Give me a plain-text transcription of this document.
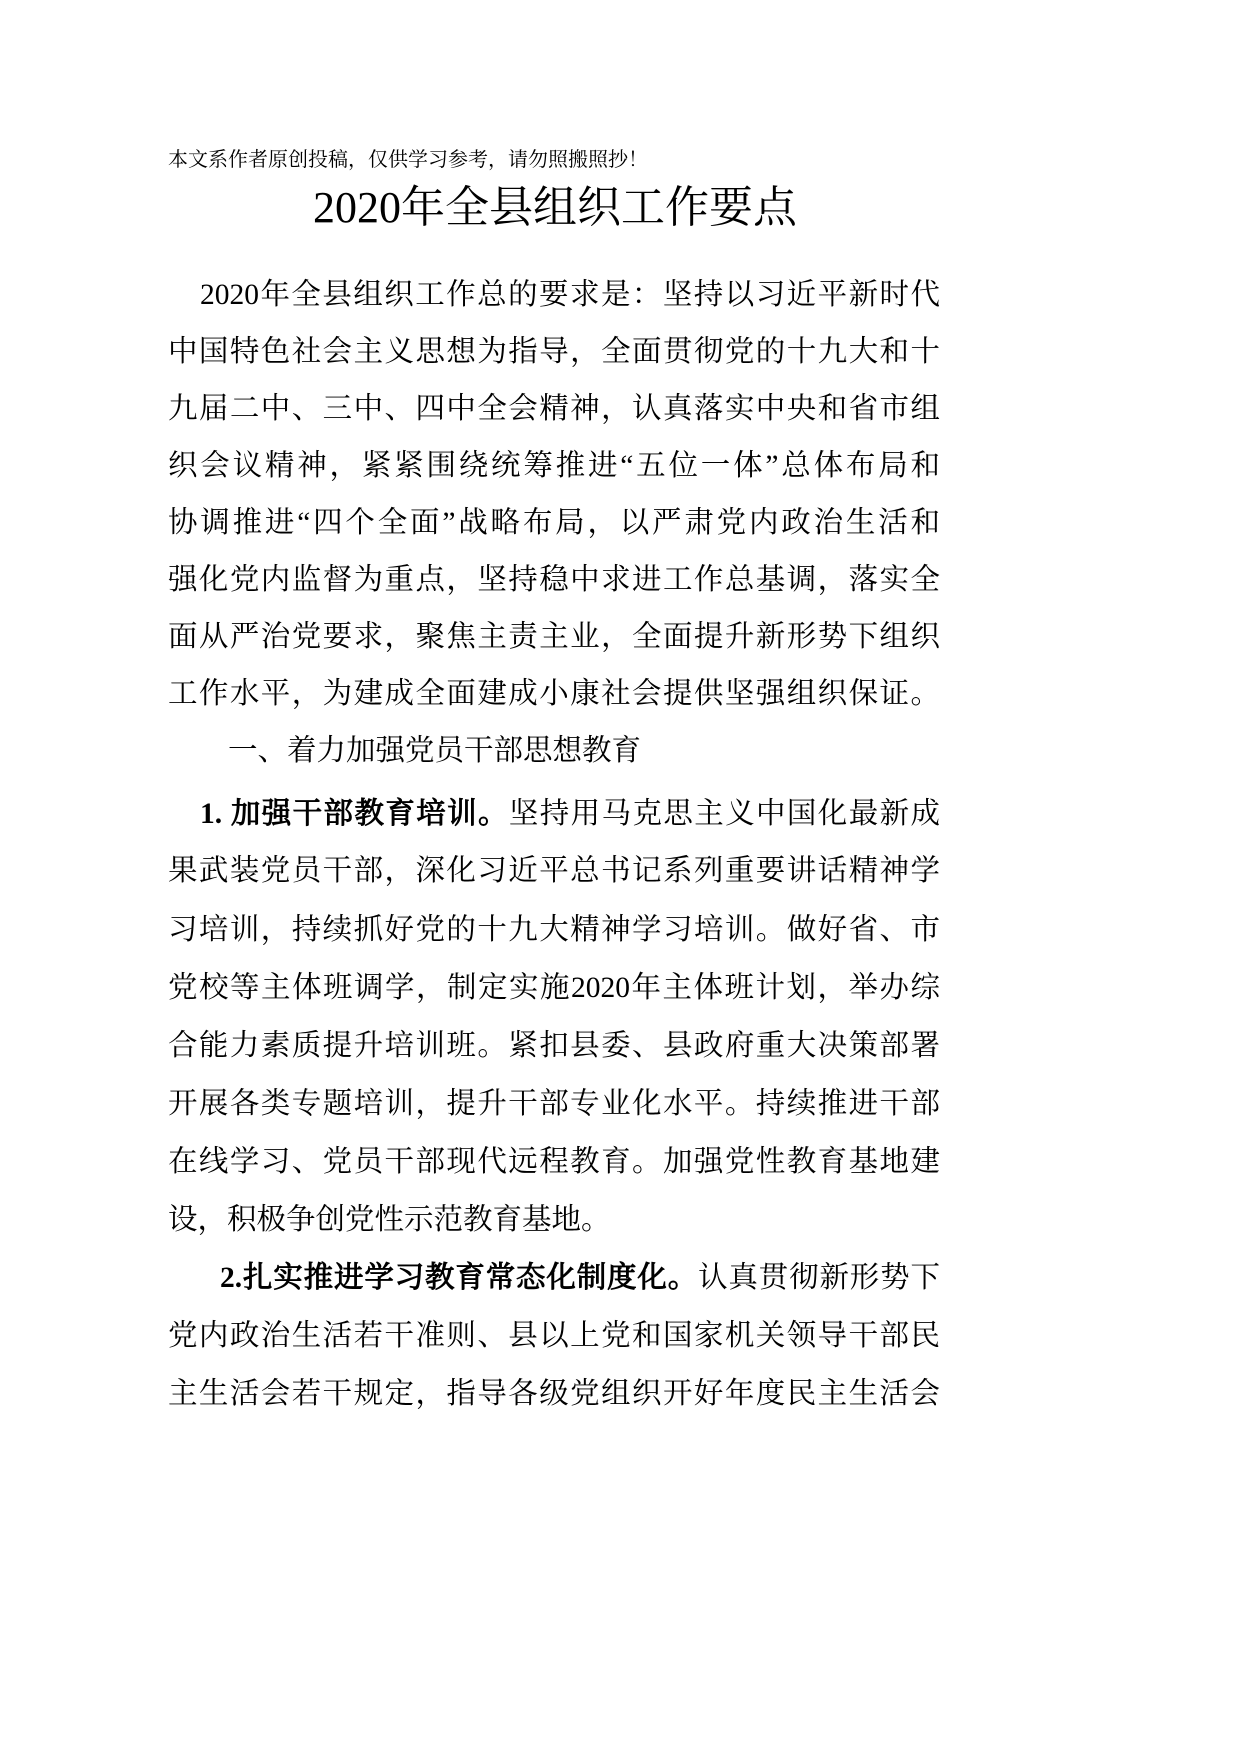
本文系作者原创投稿，仅供学习参考，请勿照搬照抄！
2020年全县组织工作要点
2020年全县组织工作总的要求是：坚持以习近平新时代
中国特色社会主义思想为指导，全面贯彻党的十九大和十
九届二中、三中、四中全会精神，认真落实中央和省市组
织会议精神，紧紧围绕统筹推进“五位一体”总体布局和
协调推进“四个全面”战略布局，以严肃党内政治生活和
强化党内监督为重点，坚持稳中求进工作总基调，落实全
面从严治党要求，聚焦主责主业，全面提升新形势下组织
工作水平，为建成全面建成小康社会提供坚强组织保证。
一、着力加强党员干部思想教育
1. 加强干部教育培训。坚持用马克思主义中国化最新成
果武装党员干部，深化习近平总书记系列重要讲话精神学
习培训，持续抓好党的十九大精神学习培训。做好省、市
党校等主体班调学，制定实施2020年主体班计划，举办综
合能力素质提升培训班。紧扣县委、县政府重大决策部署
开展各类专题培训，提升干部专业化水平。持续推进干部
在线学习、党员干部现代远程教育。加强党性教育基地建
设，积极争创党性示范教育基地。
2.扎实推进学习教育常态化制度化。认真贯彻新形势下
党内政治生活若干准则、县以上党和国家机关领导干部民
主生活会若干规定，指导各级党组织开好年度民主生活会
